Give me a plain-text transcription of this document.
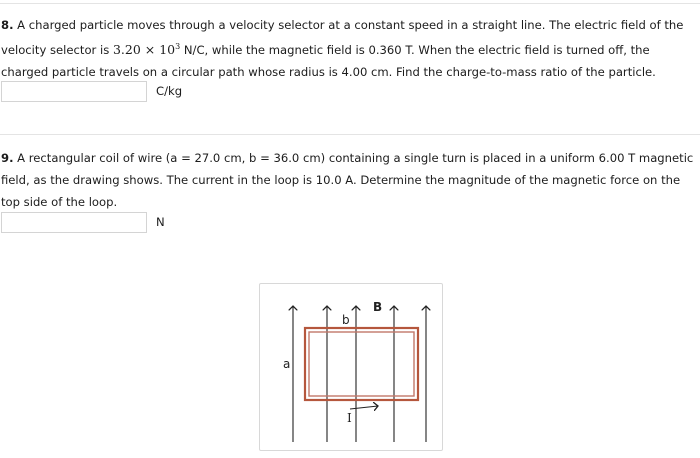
8. A charged particle moves through a velocity selector at a constant speed in a straight line. The electric field of the velocity selector is $3.20 \times 10^3$ N/C, while the magnetic field is 0.360 T. When the electric field is turned off, the charged particle travels on a circular path whose radius is 4.00 cm. Find the charge-to-mass ratio of the particle.

C/kg

9. A rectangular coil of wire (a = 27.0 cm, b = 36.0 cm) containing a single turn is placed in a uniform 6.00 T magnetic field, as the drawing shows. The current in the loop is 10.0 A. Determine the magnitude of the magnetic force on the top side of the loop.

N
a
b
B
I
